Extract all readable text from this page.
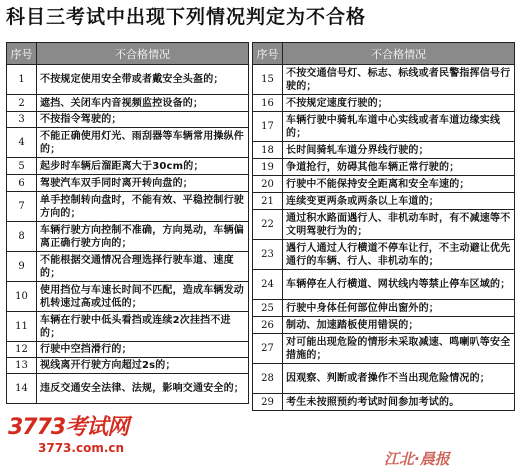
科目三考试中出现下列情况判定为不合格
序号	不合格情况
1	不按规定使用安全带或者戴安全头盔的；
2	遮挡、关闭车内音视频监控设备的；
3	不按指令驾驶的；
4	不能正确使用灯光、雨刮器等车辆常用操纵件的；
5	起步时车辆后溜距离大于30cm的；
6	驾驶汽车双手同时离开转向盘的；
7	单手控制转向盘时，不能有效、平稳控制行驶方向的；
8	车辆行驶方向控制不准确，方向晃动，车辆偏离正确行驶方向的；
9	不能根据交通情况合理选择行驶车道、速度的；
10	使用挡位与车速长时间不匹配，造成车辆发动机转速过高或过低的；
11	车辆在行驶中低头看挡或连续2次挂挡不进的；
12	行驶中空挡滑行的；
13	视线离开行驶方向超过2s的；
14	违反交通安全法律、法规，影响交通安全的；
序号	不合格情况
15	不按交通信号灯、标志、标线或者民警指挥信号行驶的；
16	不按规定速度行驶的；
17	车辆行驶中骑轧车道中心实线或者车道边缘实线的；
18	长时间骑轧车道分界线行驶的；
19	争道抢行，妨碍其他车辆正常行驶的；
20	行驶中不能保持安全距离和安全车速的；
21	连续变更两条或两条以上车道的；
22	通过积水路面遇行人、非机动车时，有不减速等不文明驾驶行为的；
23	遇行人通过人行横道不停车让行，不主动避让优先通行的车辆、行人、非机动车的；
24	车辆停在人行横道、网状线内等禁止停车区域的；
25	行驶中身体任何部位伸出窗外的；
26	制动、加速踏板使用错误的；
27	对可能出现危险的情形未采取减速、鸣喇叭等安全措施的；
28	因观察、判断或者操作不当出现危险情况的；
29	考生未按照预约考试时间参加考试的。
3773考试网
3773.com.cn
江北·晨报
